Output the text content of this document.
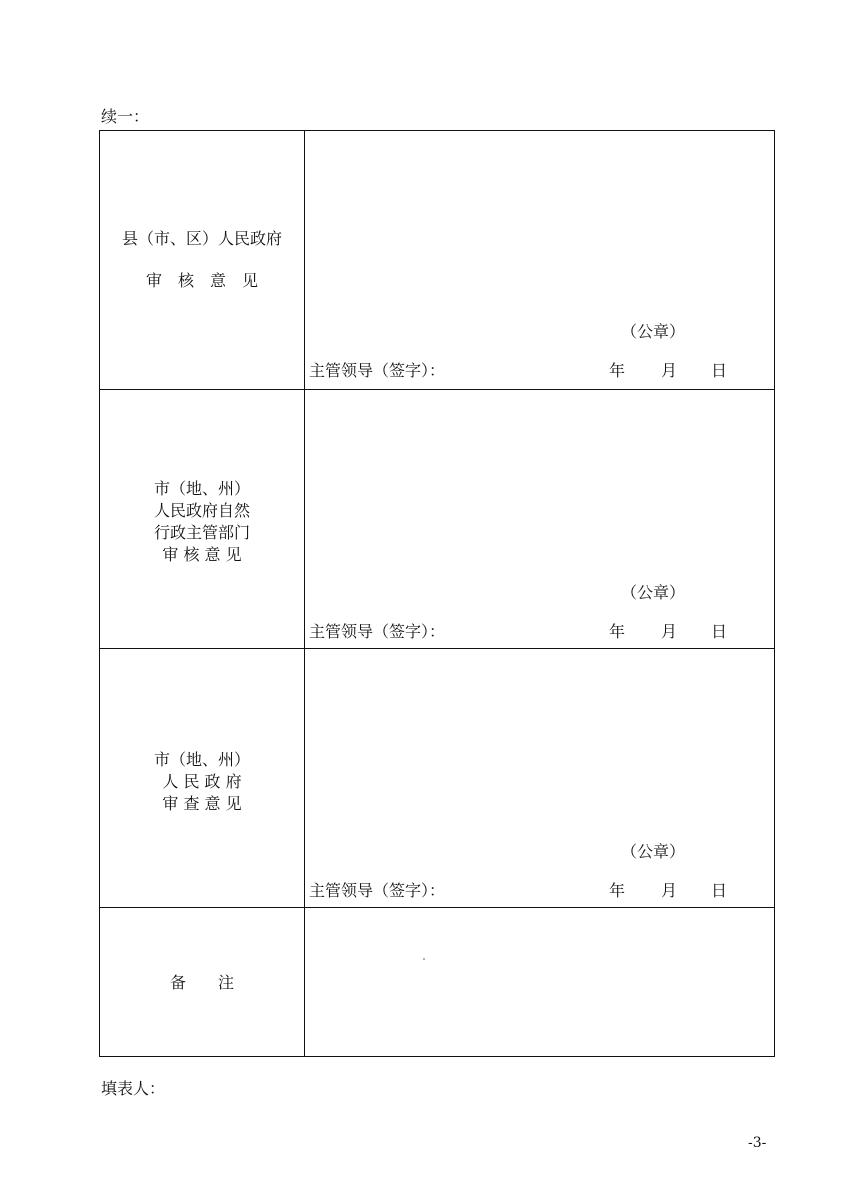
续一：
县（市、区）人民政府
审　核　意　见
（公章）
主管领导（签字）：	年 月 日
市（地、州）
人民政府自然
行政主管部门
审 核 意 见
（公章）
主管领导（签字）：	年 月 日
市（地、州）
人 民 政 府
审 查 意 见
（公章）
主管领导（签字）：	年 月 日
备　　注
填表人：
-3-
